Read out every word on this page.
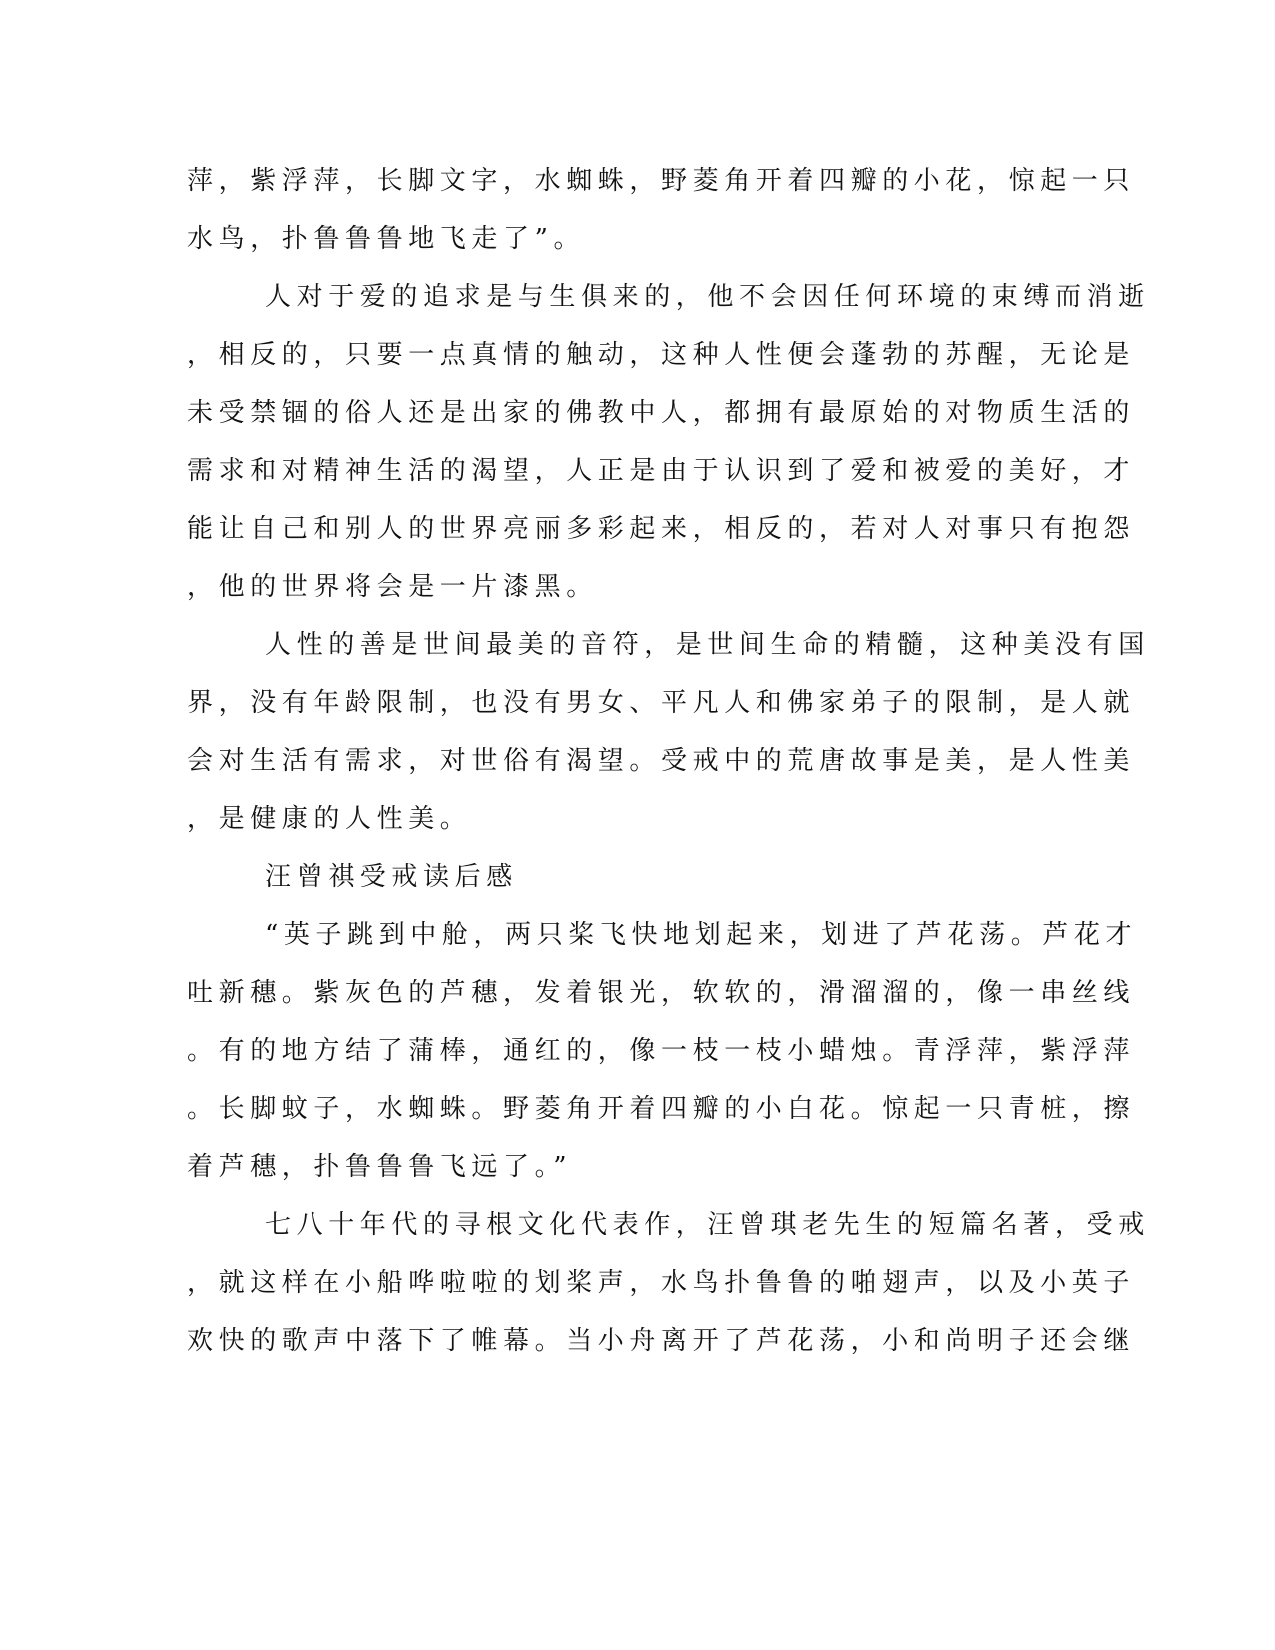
萍，紫浮萍，长脚文字，水蜘蛛，野菱角开着四瓣的小花，惊起一只
水鸟，扑鲁鲁鲁地飞走了”。
人对于爱的追求是与生俱来的，他不会因任何环境的束缚而消逝
，相反的，只要一点真情的触动，这种人性便会蓬勃的苏醒，无论是
未受禁锢的俗人还是出家的佛教中人，都拥有最原始的对物质生活的
需求和对精神生活的渴望，人正是由于认识到了爱和被爱的美好，才
能让自己和别人的世界亮丽多彩起来，相反的，若对人对事只有抱怨
，他的世界将会是一片漆黑。
人性的善是世间最美的音符，是世间生命的精髓，这种美没有国
界，没有年龄限制，也没有男女、平凡人和佛家弟子的限制，是人就
会对生活有需求，对世俗有渴望。受戒中的荒唐故事是美，是人性美
，是健康的人性美。
汪曾祺受戒读后感
“英子跳到中舱，两只桨飞快地划起来，划进了芦花荡。芦花才
吐新穗。紫灰色的芦穗，发着银光，软软的，滑溜溜的，像一串丝线
。有的地方结了蒲棒，通红的，像一枝一枝小蜡烛。青浮萍，紫浮萍
。长脚蚊子，水蜘蛛。野菱角开着四瓣的小白花。惊起一只青桩，擦
着芦穗，扑鲁鲁鲁飞远了。”
七八十年代的寻根文化代表作，汪曾琪老先生的短篇名著，受戒
，就这样在小船哗啦啦的划桨声，水鸟扑鲁鲁的啪翅声，以及小英子
欢快的歌声中落下了帷幕。当小舟离开了芦花荡，小和尚明子还会继
